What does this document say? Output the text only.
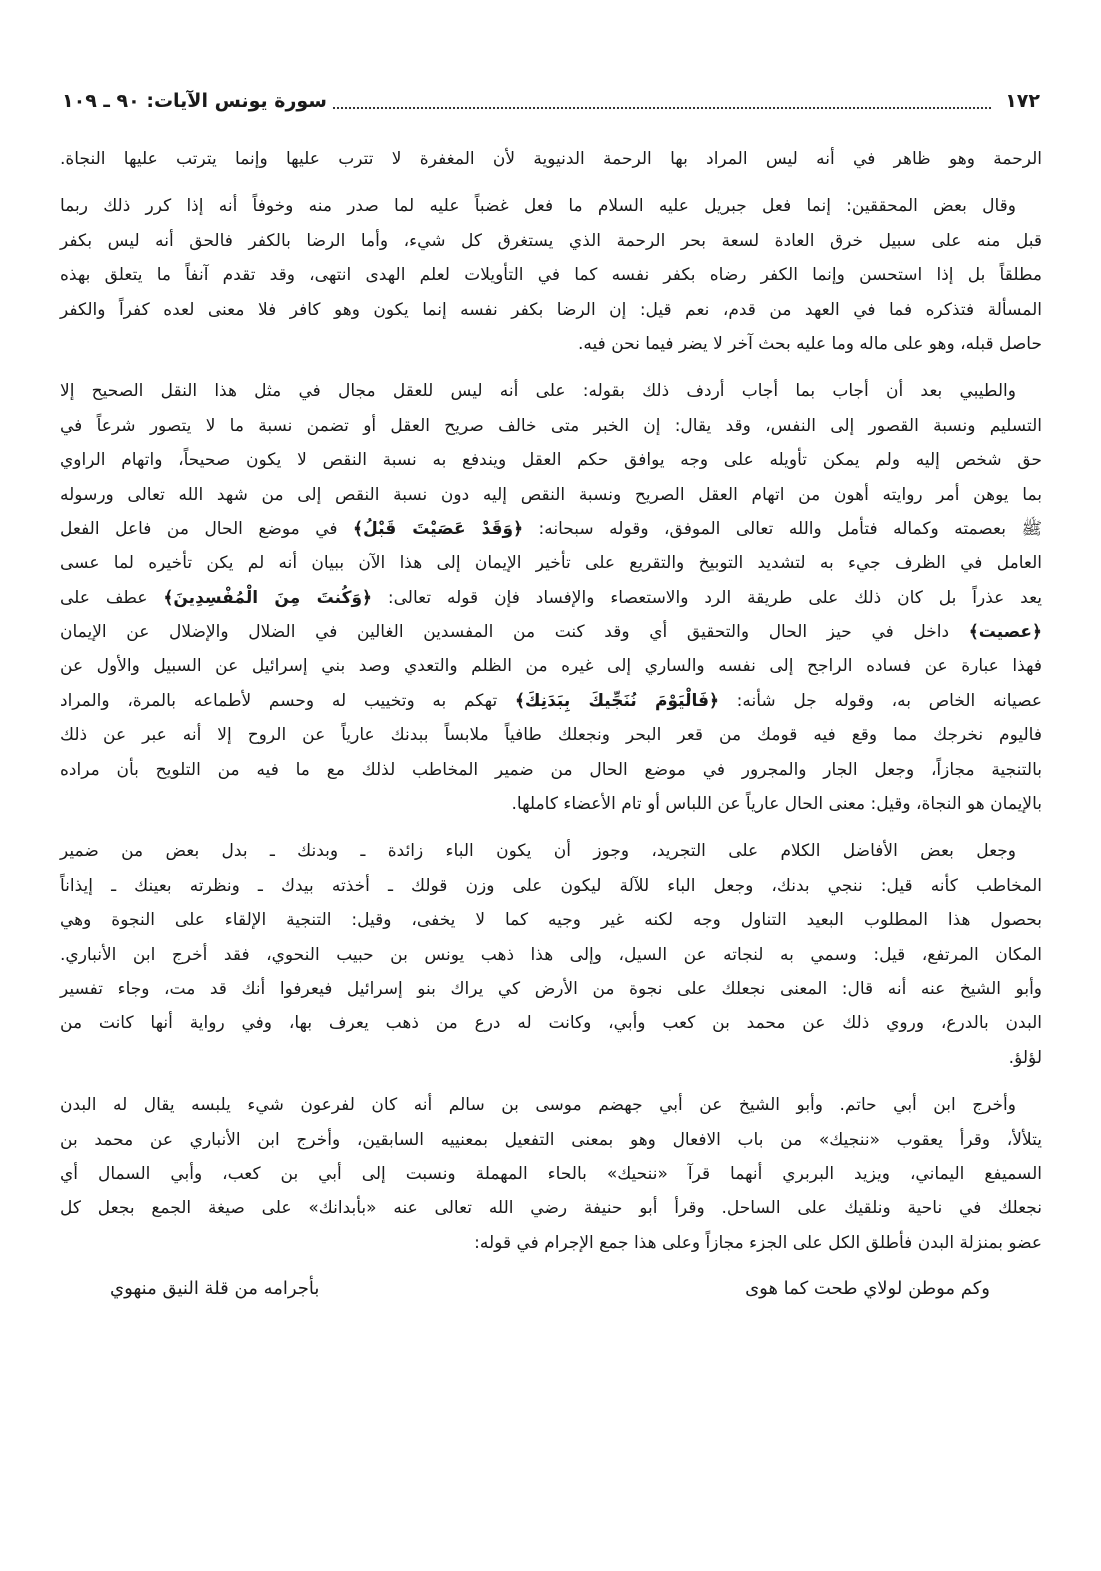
١٧٢
سورة يونس الآيات: ٩٠ ـ ١٠٩
الرحمة وهو ظاهر في أنه ليس المراد بها الرحمة الدنيوية لأن المغفرة لا تترب عليها وإنما يترتب عليها النجاة.
وقال بعض المحققين: إنما فعل جبريل عليه السلام ما فعل غضباً عليه لما صدر منه وخوفاً أنه إذا كرر ذلك ربما
قبل منه على سبيل خرق العادة لسعة بحر الرحمة الذي يستغرق كل شيء، وأما الرضا بالكفر فالحق أنه ليس بكفر
مطلقاً بل إذا استحسن وإنما الكفر رضاه بكفر نفسه كما في التأويلات لعلم الهدى انتهى، وقد تقدم آنفاً ما يتعلق بهذه
المسألة فتذكره فما في العهد من قدم، نعم قيل: إن الرضا بكفر نفسه إنما يكون وهو كافر فلا معنى لعده كفراً والكفر
حاصل قبله، وهو على ماله وما عليه بحث آخر لا يضر فيما نحن فيه.
والطيبي بعد أن أجاب بما أجاب أردف ذلك بقوله: على أنه ليس للعقل مجال في مثل هذا النقل الصحيح إلا
التسليم ونسبة القصور إلى النفس، وقد يقال: إن الخبر متى خالف صريح العقل أو تضمن نسبة ما لا يتصور شرعاً في
حق شخص إليه ولم يمكن تأويله على وجه يوافق حكم العقل ويندفع به نسبة النقص لا يكون صحيحاً، واتهام الراوي
بما يوهن أمر روايته أهون من اتهام العقل الصريح ونسبة النقص إليه دون نسبة النقص إلى من شهد الله تعالى ورسوله
ﷺ بعصمته وكماله فتأمل والله تعالى الموفق، وقوله سبحانه: ﴿وَقَدْ عَصَيْتَ قَبْلُ﴾ في موضع الحال من فاعل الفعل
العامل في الظرف جيء به لتشديد التوبيخ والتقريع على تأخير الإيمان إلى هذا الآن ببيان أنه لم يكن تأخيره لما عسى
يعد عذراً بل كان ذلك على طريقة الرد والاستعصاء والإفساد فإن قوله تعالى: ﴿وَكُنتَ مِنَ الْمُفْسِدِينَ﴾ عطف على
﴿عصيت﴾ داخل في حيز الحال والتحقيق أي وقد كنت من المفسدين الغالين في الضلال والإضلال عن الإيمان
فهذا عبارة عن فساده الراجح إلى نفسه والساري إلى غيره من الظلم والتعدي وصد بني إسرائيل عن السبيل والأول عن
عصيانه الخاص به، وقوله جل شأنه: ﴿فَالْيَوْمَ نُنَجِّيكَ بِبَدَنِكَ﴾ تهكم به وتخييب له وحسم لأطماعه بالمرة، والمراد
فاليوم نخرجك مما وقع فيه قومك من قعر البحر ونجعلك طافياً ملابساً ببدنك عارياً عن الروح إلا أنه عبر عن ذلك
بالتنجية مجازاً، وجعل الجار والمجرور في موضع الحال من ضمير المخاطب لذلك مع ما فيه من التلويح بأن مراده
بالإيمان هو النجاة، وقيل: معنى الحال عارياً عن اللباس أو تام الأعضاء كاملها.
وجعل بعض الأفاضل الكلام على التجريد، وجوز أن يكون الباء زائدة ـ وبدنك ـ بدل بعض من ضمير
المخاطب كأنه قيل: ننجي بدنك، وجعل الباء للآلة ليكون على وزن قولك ـ أخذته بيدك ـ ونظرته بعينك ـ إيذاناً
بحصول هذا المطلوب البعيد التناول وجه لكنه غير وجيه كما لا يخفى، وقيل: التنجية الإلقاء على النجوة وهي
المكان المرتفع، قيل: وسمي به لنجاته عن السيل، وإلى هذا ذهب يونس بن حبيب النحوي، فقد أخرج ابن الأنباري.
وأبو الشيخ عنه أنه قال: المعنى نجعلك على نجوة من الأرض كي يراك بنو إسرائيل فيعرفوا أنك قد مت، وجاء تفسير
البدن بالدرع، وروي ذلك عن محمد بن كعب وأبي، وكانت له درع من ذهب يعرف بها، وفي رواية أنها كانت من
لؤلؤ.
وأخرج ابن أبي حاتم. وأبو الشيخ عن أبي جهضم موسى بن سالم أنه كان لفرعون شيء يلبسه يقال له البدن
يتلألأ، وقرأ يعقوب «ننجيك» من باب الافعال وهو بمعنى التفعيل بمعنييه السابقين، وأخرج ابن الأنباري عن محمد بن
السميفع اليماني، ويزيد البربري أنهما قرآ «ننحيك» بالحاء المهملة ونسبت إلى أبي بن كعب، وأبي السمال أي
نجعلك في ناحية ونلقيك على الساحل. وقرأ أبو حنيفة رضي الله تعالى عنه «بأبدانك» على صيغة الجمع بجعل كل
عضو بمنزلة البدن فأطلق الكل على الجزء مجازاً وعلى هذا جمع الإجرام في قوله:
وكم موطن لولاي طحت كما هوى
بأجرامه من قلة النيق منهوي
